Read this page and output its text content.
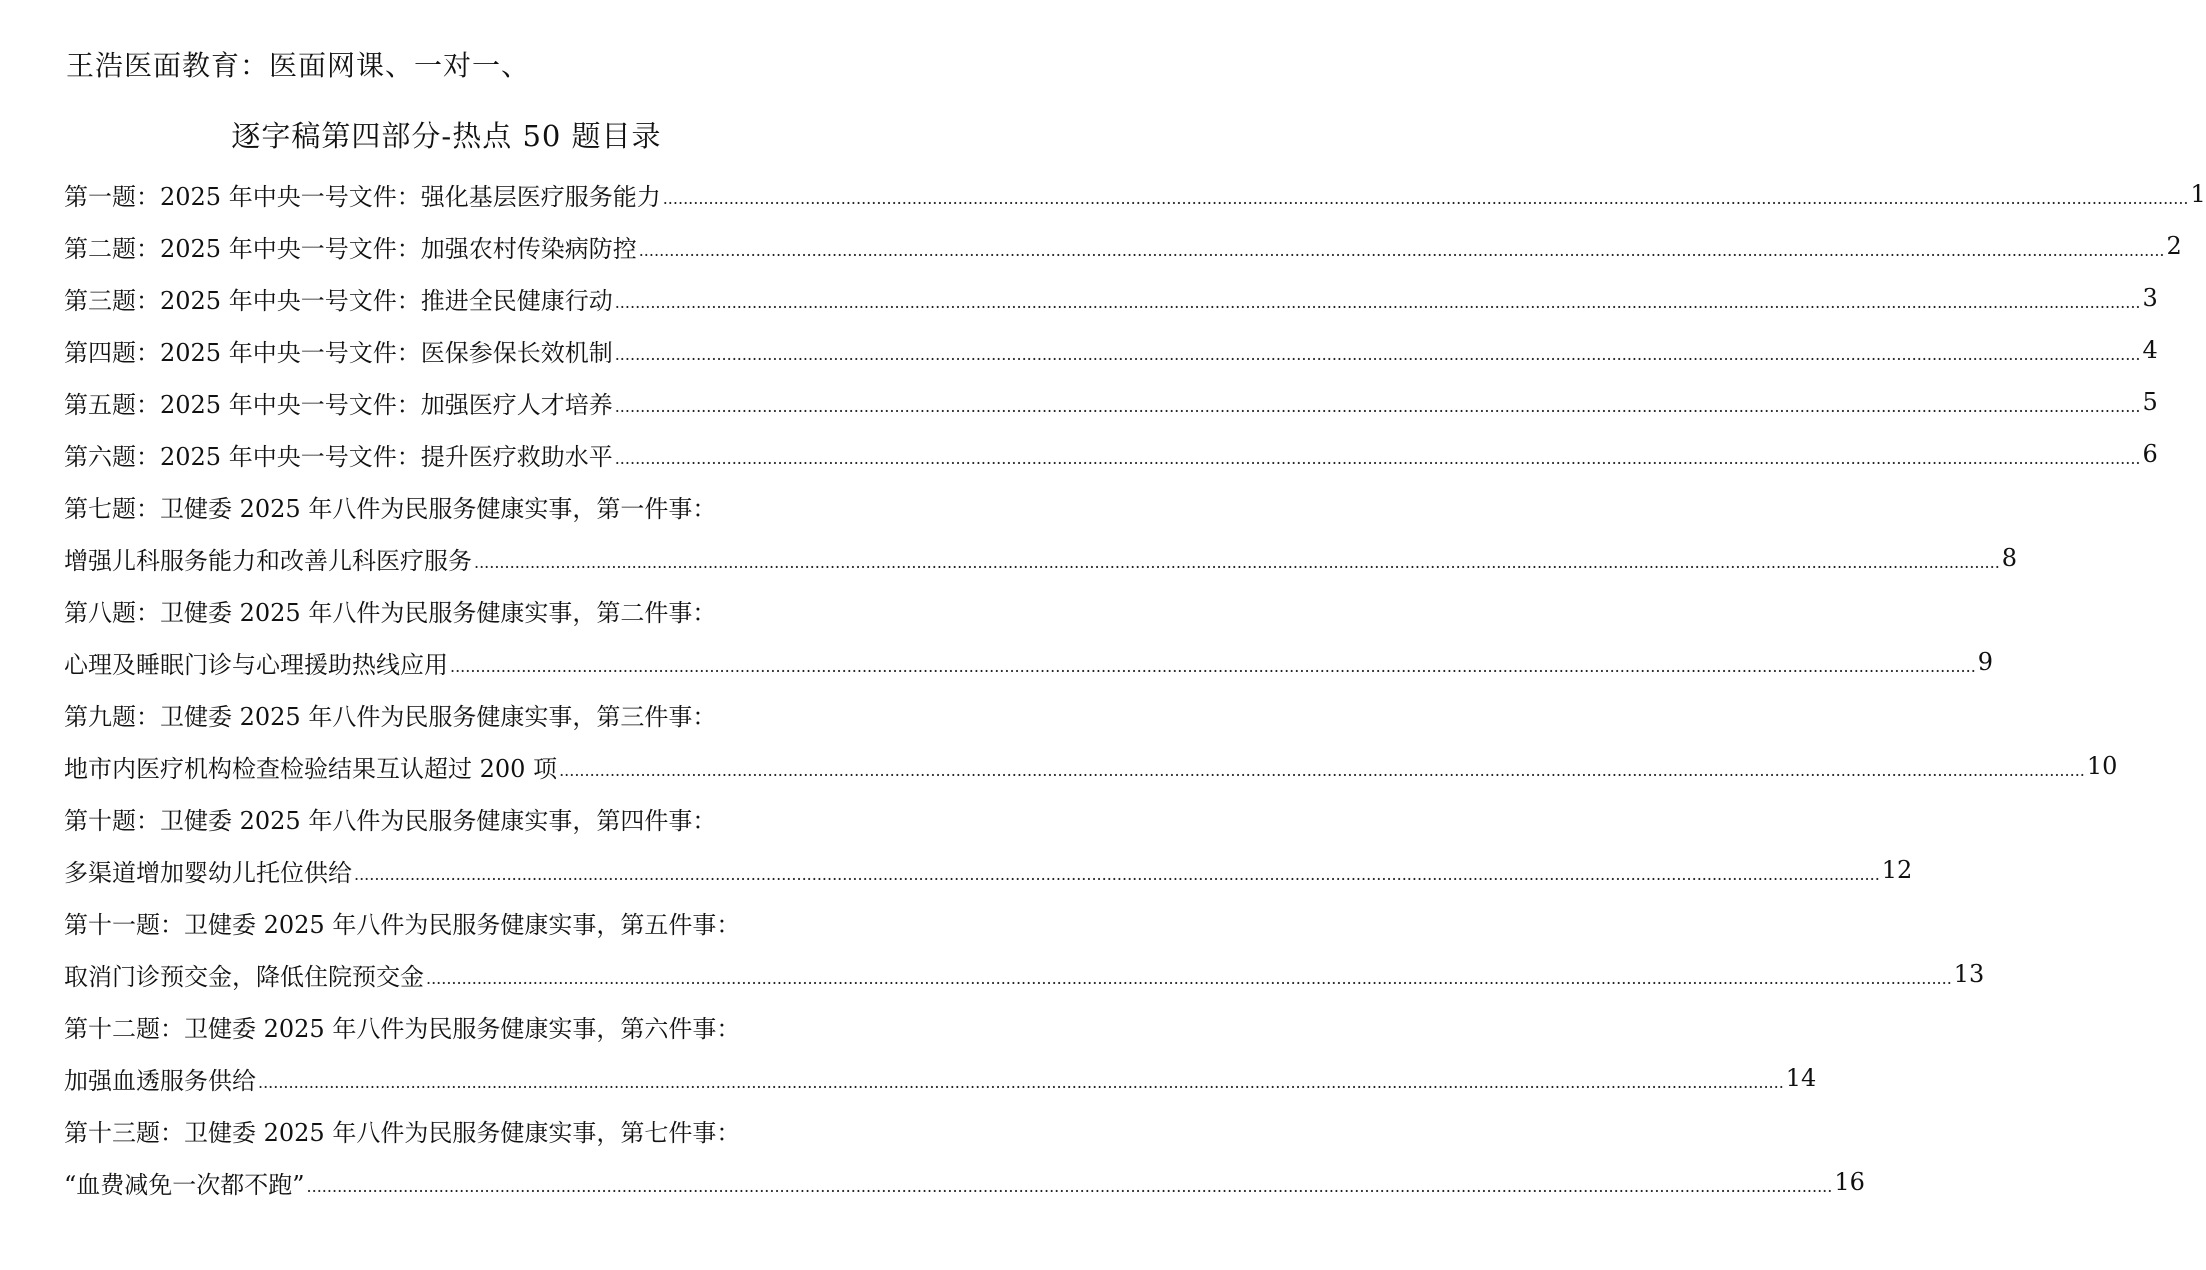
王浩医面教育：医面网课、一对一、
逐字稿第四部分-热点 50 题目录
第一题：2025 年中央一号文件：强化基层医疗服务能力 ............................................................................................................................................................................................................................................................................................................ 1
第二题：2025 年中央一号文件：加强农村传染病防控 ............................................................................................................................................................................................................................................................................................................ 2
第三题：2025 年中央一号文件：推进全民健康行动 ............................................................................................................................................................................................................................................................................................................ 3
第四题：2025 年中央一号文件：医保参保长效机制 ............................................................................................................................................................................................................................................................................................................ 4
第五题：2025 年中央一号文件：加强医疗人才培养 ............................................................................................................................................................................................................................................................................................................ 5
第六题：2025 年中央一号文件：提升医疗救助水平 ............................................................................................................................................................................................................................................................................................................ 6
第七题：卫健委 2025 年八件为民服务健康实事，第一件事：
增强儿科服务能力和改善儿科医疗服务 ............................................................................................................................................................................................................................................................................................................ 8
第八题：卫健委 2025 年八件为民服务健康实事，第二件事：
心理及睡眠门诊与心理援助热线应用 ............................................................................................................................................................................................................................................................................................................ 9
第九题：卫健委 2025 年八件为民服务健康实事，第三件事：
地市内医疗机构检查检验结果互认超过 200 项 ............................................................................................................................................................................................................................................................................................................ 10
第十题：卫健委 2025 年八件为民服务健康实事，第四件事：
多渠道增加婴幼儿托位供给 ............................................................................................................................................................................................................................................................................................................ 12
第十一题：卫健委 2025 年八件为民服务健康实事，第五件事：
取消门诊预交金，降低住院预交金 ............................................................................................................................................................................................................................................................................................................ 13
第十二题：卫健委 2025 年八件为民服务健康实事，第六件事：
加强血透服务供给 ............................................................................................................................................................................................................................................................................................................ 14
第十三题：卫健委 2025 年八件为民服务健康实事，第七件事：
“血费减免一次都不跑” ............................................................................................................................................................................................................................................................................................................ 16
